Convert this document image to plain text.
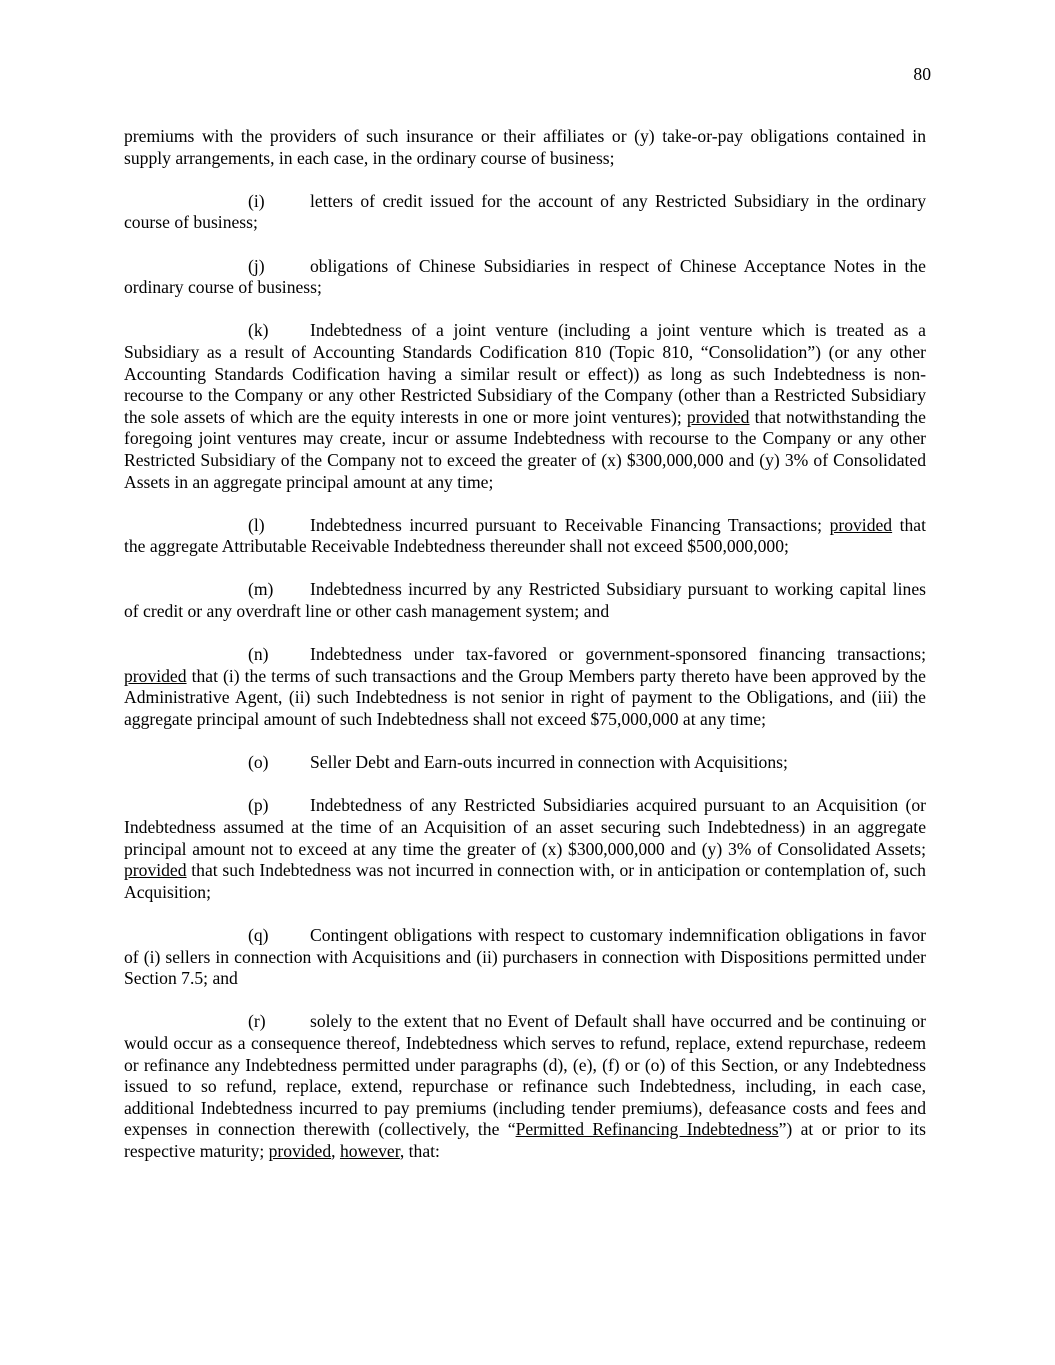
80

premiums with the providers of such insurance or their affiliates or (y) take-or-pay obligations contained in supply arrangements, in each case, in the ordinary course of business;

(i)	letters of credit issued for the account of any Restricted Subsidiary in the ordinary course of business;

(j)	obligations of Chinese Subsidiaries in respect of Chinese Acceptance Notes in the ordinary course of business;

(k) Indebtedness of a joint venture (including a joint venture which is treated as a Subsidiary as a result of Accounting Standards Codification 810 (Topic 810, “Consolidation”) (or any other Accounting Standards Codification having a similar result or effect)) as long as such Indebtedness is non-recourse to the Company or any other Restricted Subsidiary of the Company (other than a Restricted Subsidiary the sole assets of which are the equity interests in one or more joint ventures); provided that notwithstanding the foregoing joint ventures may create, incur or assume Indebtedness with recourse to the Company or any other Restricted Subsidiary of the Company not to exceed the greater of (x) $300,000,000 and (y) 3% of Consolidated Assets in an aggregate principal amount at any time;

(l)	Indebtedness incurred pursuant to Receivable Financing Transactions; provided that the aggregate Attributable Receivable Indebtedness thereunder shall not exceed $500,000,000;

(m) Indebtedness incurred by any Restricted Subsidiary pursuant to working capital lines of credit or any overdraft line or other cash management system; and

(n) Indebtedness under tax-favored or government-sponsored financing transactions; provided that (i) the terms of such transactions and the Group Members party thereto have been approved by the Administrative Agent, (ii) such Indebtedness is not senior in right of payment to the Obligations, and (iii) the aggregate principal amount of such Indebtedness shall not exceed $75,000,000 at any time;

(o) Seller Debt and Earn-outs incurred in connection with Acquisitions;

(p) Indebtedness of any Restricted Subsidiaries acquired pursuant to an Acquisition (or Indebtedness assumed at the time of an Acquisition of an asset securing such Indebtedness) in an aggregate principal amount not to exceed at any time the greater of (x) $300,000,000 and (y) 3% of Consolidated Assets; provided that such Indebtedness was not incurred in connection with, or in anticipation or contemplation of, such Acquisition;

(q) Contingent obligations with respect to customary indemnification obligations in favor of (i) sellers in connection with Acquisitions and (ii) purchasers in connection with Dispositions permitted under Section 7.5; and

(r)	solely to the extent that no Event of Default shall have occurred and be continuing or would occur as a consequence thereof, Indebtedness which serves to refund, replace, extend repurchase, redeem or refinance any Indebtedness permitted under paragraphs (d), (e), (f) or (o) of this Section, or any Indebtedness issued to so refund, replace, extend, repurchase or refinance such Indebtedness, including, in each case, additional Indebtedness incurred to pay premiums (including tender premiums), defeasance costs and fees and expenses in connection therewith (collectively, the “Permitted Refinancing Indebtedness”) at or prior to its respective maturity; provided, however, that:
